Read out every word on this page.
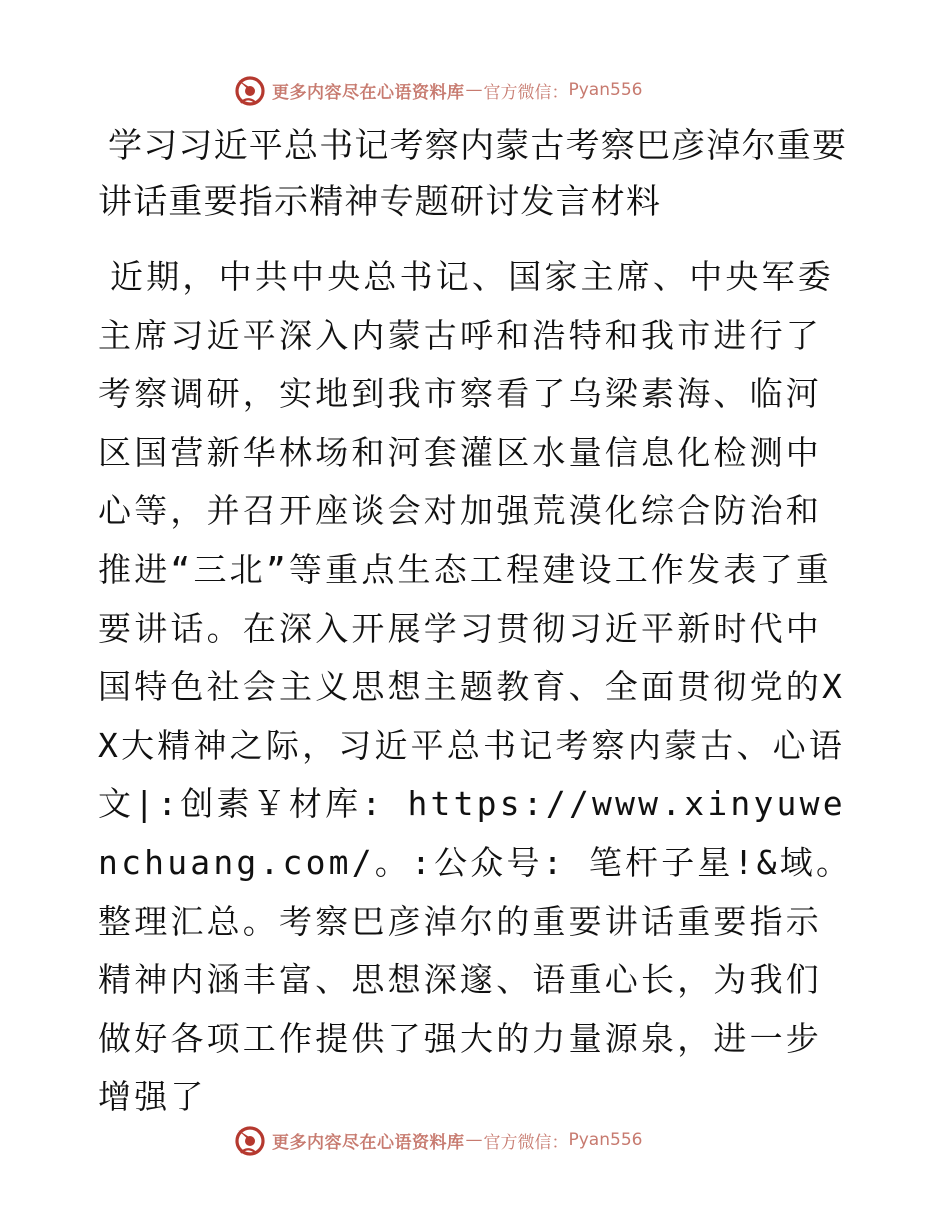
更多内容尽在心语资料库 — 官方微信： Pyan556
学习习近平总书记考察内蒙古考察巴彦淖尔重要讲话重要指示精神专题研讨发言材料

近期，中共中央总书记、国家主席、中央军委主席习近平深入内蒙古呼和浩特和我市进行了考察调研，实地到我市察看了乌梁素海、临河区国营新华林场和河套灌区水量信息化检测中心等，并召开座谈会对加强荒漠化综合防治和推进“三北”等重点生态工程建设工作发表了重要讲话。在深入开展学习贯彻习近平新时代中国特色社会主义思想主题教育、全面贯彻党的XX大精神之际，习近平总书记考察内蒙古、心语文|:创素￥材库: https://www.xinyuwenchuang.com/。:公众号: 笔杆子星!&域。整理汇总。考察巴彦淖尔的重要讲话重要指示精神内涵丰富、思想深邃、语重心长，为我们做好各项工作提供了强大的力量源泉，进一步增强了

更多内容尽在心语资料库 — 官方微信： Pyan556
